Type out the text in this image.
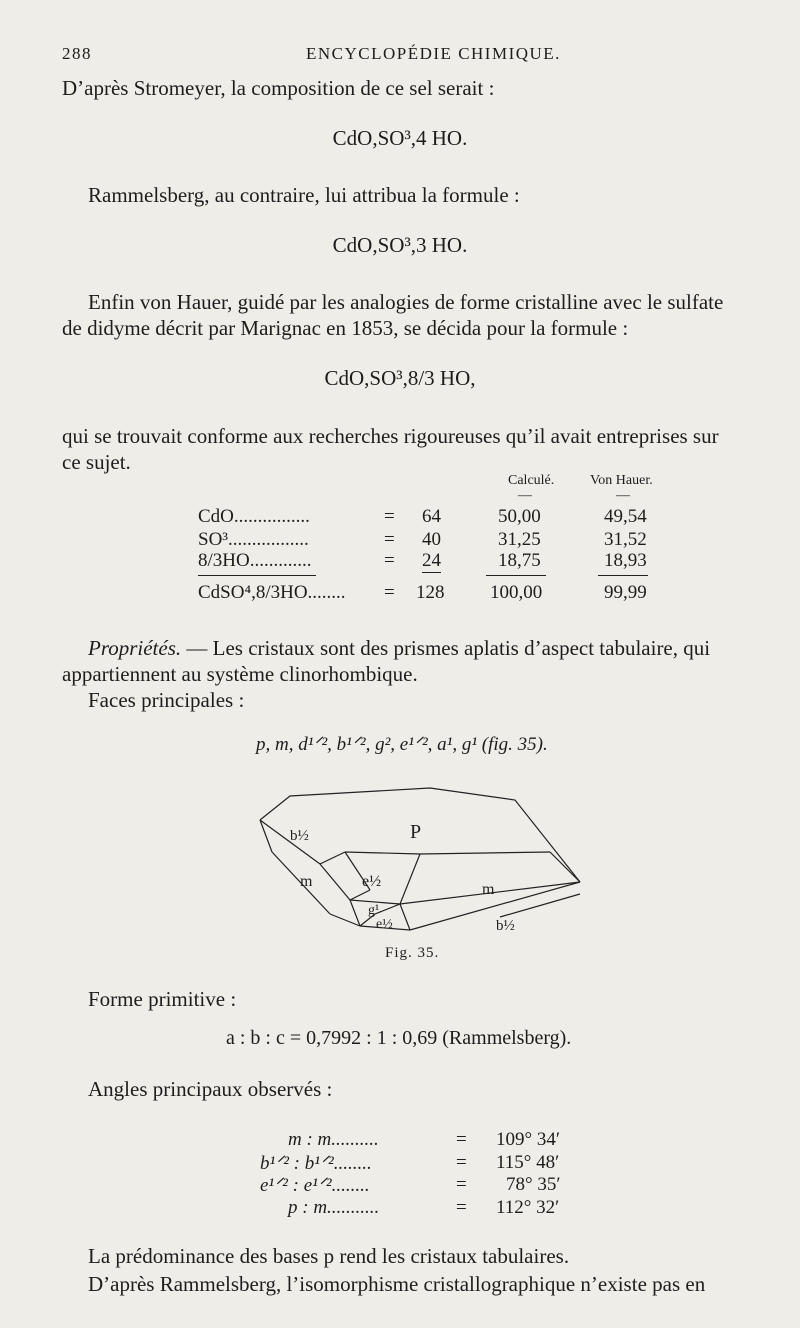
288	ENCYCLOPÉDIE CHIMIQUE.
D’après Stromeyer, la composition de ce sel serait :
CdO,SO³,4 HO.
Rammelsberg, au contraire, lui attribua la formule :
CdO,SO³,3 HO.
Enfin von Hauer, guidé par les analogies de forme cristalline avec le sulfate
de didyme décrit par Marignac en 1853, se décida pour la formule :
CdO,SO³,8/3 HO,
qui se trouvait conforme aux recherches rigoureuses qu’il avait entreprises sur
ce sujet.
Calculé.	Von Hauer.
—	—
CdO................	= 64	50,00	49,54
SO³.................	= 40	31,25	31,52
8/3HO.............	= 24	18,75	18,93
CdSO⁴,8/3HO........ = 128 100,00	99,99
Propriétés. — Les cristaux sont des prismes aplatis d’aspect tabulaire, qui
appartiennent au système clinorhombique.
Faces principales :
p, m, d¹ᐟ², b¹ᐟ², g², e¹ᐟ², a¹, g¹ (fig. 35).
P
b½
m	e½	m
g¹
e½	b½
Fig. 35.
Forme primitive :
a : b : c = 0,7992 : 1 : 0,69 (Rammelsberg).
Angles principaux observés :
m : m..........	= 109° 34′
b¹ᐟ² : b¹ᐟ²........	= 115° 48′
e¹ᐟ² : e¹ᐟ²........	= 78° 35′
p : m...........	= 112° 32′
La prédominance des bases p rend les cristaux tabulaires.
D’après Rammelsberg, l’isomorphisme cristallographique n’existe pas en
